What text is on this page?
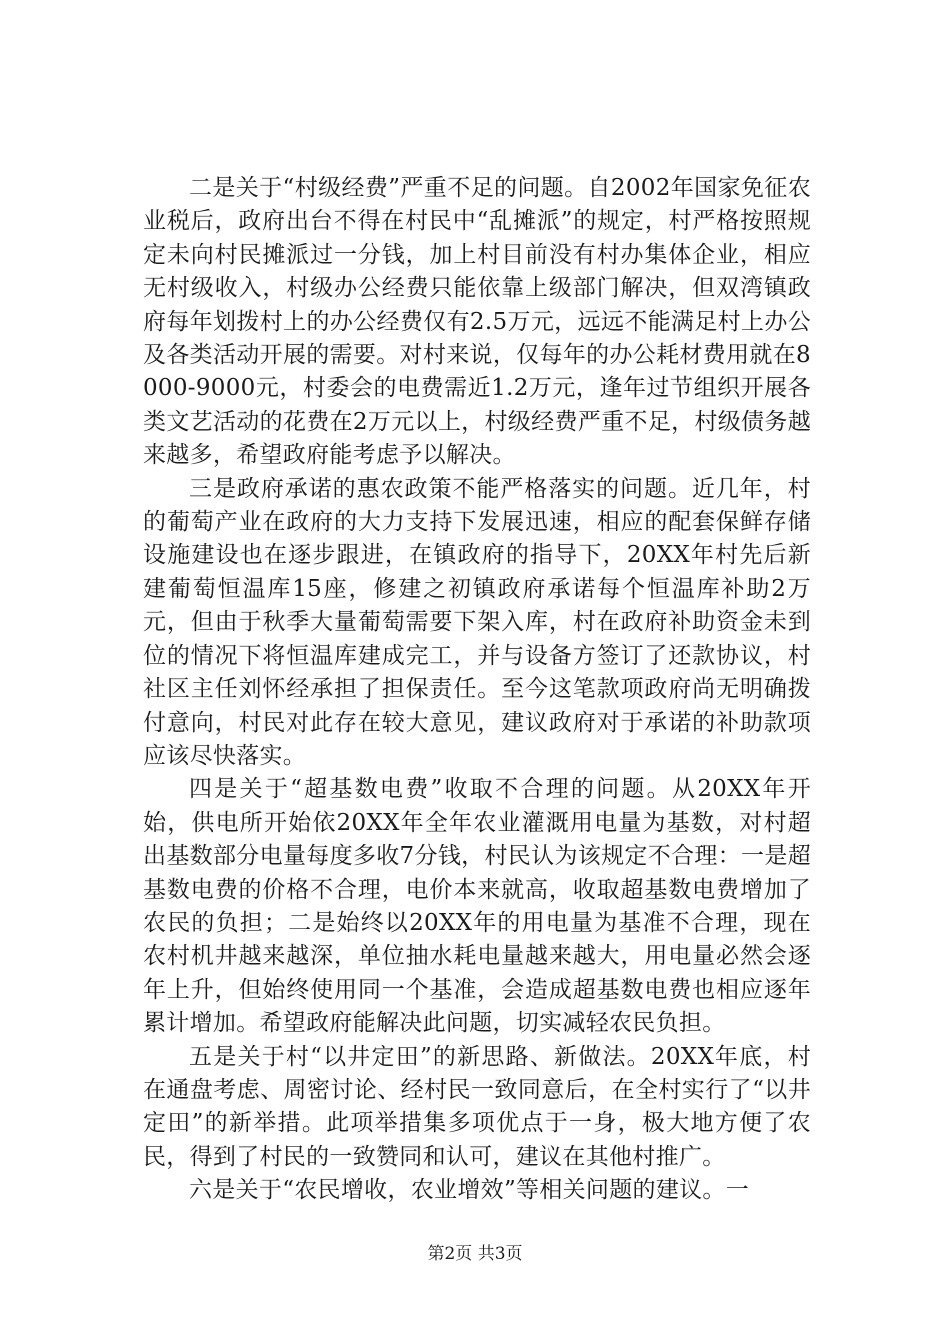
二是关于“村级经费”严重不足的问题。自2002年国家免征农业税后，政府出台不得在村民中“乱摊派”的规定，村严格按照规定未向村民摊派过一分钱，加上村目前没有村办集体企业，相应无村级收入，村级办公经费只能依靠上级部门解决，但双湾镇政府每年划拨村上的办公经费仅有2.5万元，远远不能满足村上办公及各类活动开展的需要。对村来说，仅每年的办公耗材费用就在8000-9000元，村委会的电费需近1.2万元，逢年过节组织开展各类文艺活动的花费在2万元以上，村级经费严重不足，村级债务越来越多，希望政府能考虑予以解决。

三是政府承诺的惠农政策不能严格落实的问题。近几年，村的葡萄产业在政府的大力支持下发展迅速，相应的配套保鲜存储设施建设也在逐步跟进，在镇政府的指导下，20XX年村先后新建葡萄恒温库15座，修建之初镇政府承诺每个恒温库补助2万元，但由于秋季大量葡萄需要下架入库，村在政府补助资金未到位的情况下将恒温库建成完工，并与设备方签订了还款协议，村社区主任刘怀经承担了担保责任。至今这笔款项政府尚无明确拨付意向，村民对此存在较大意见，建议政府对于承诺的补助款项应该尽快落实。

四是关于“超基数电费”收取不合理的问题。从20XX年开始，供电所开始依20XX年全年农业灌溉用电量为基数，对村超出基数部分电量每度多收7分钱，村民认为该规定不合理：一是超基数电费的价格不合理，电价本来就高，收取超基数电费增加了农民的负担；二是始终以20XX年的用电量为基准不合理，现在农村机井越来越深，单位抽水耗电量越来越大，用电量必然会逐年上升，但始终使用同一个基准，会造成超基数电费也相应逐年累计增加。希望政府能解决此问题，切实减轻农民负担。

五是关于村“以井定田”的新思路、新做法。20XX年底，村在通盘考虑、周密讨论、经村民一致同意后，在全村实行了“以井定田”的新举措。此项举措集多项优点于一身，极大地方便了农民，得到了村民的一致赞同和认可，建议在其他村推广。

六是关于“农民增收，农业增效”等相关问题的建议。一

第2页 共3页
